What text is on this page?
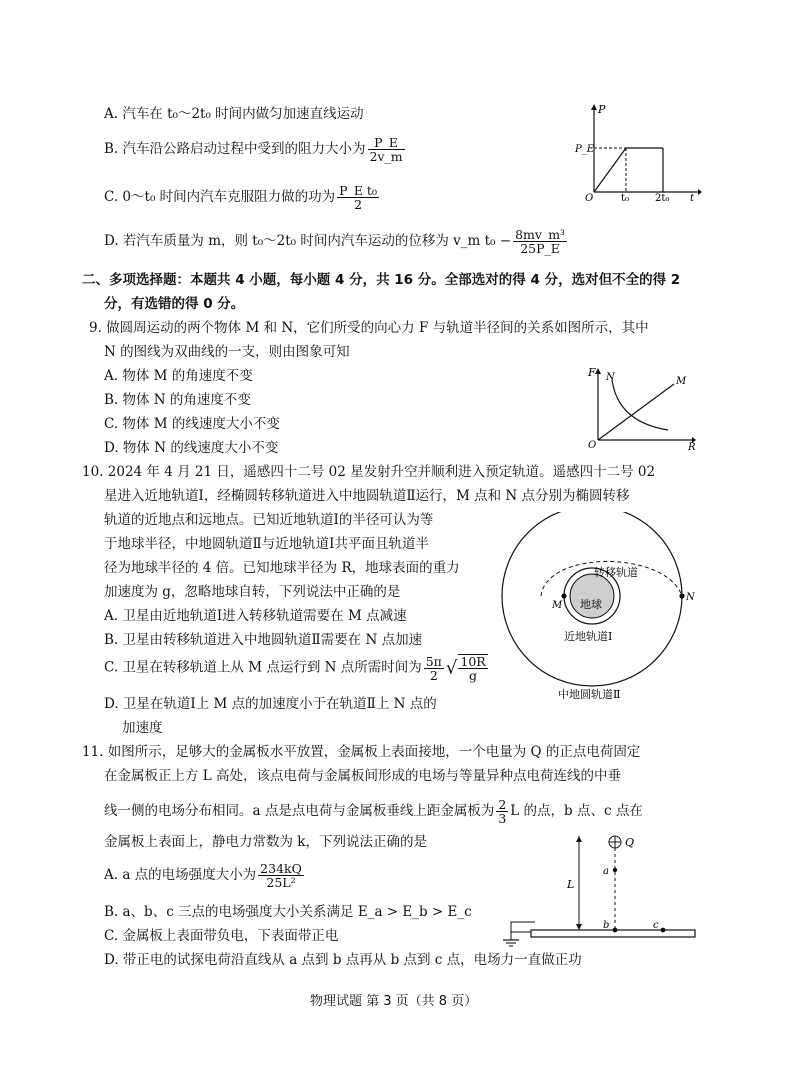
A. 汽车在 t₀～2t₀ 时间内做匀加速直线运动
B. 汽车沿公路启动过程中受到的阻力大小为 $\frac{P\_E}{2v\_m}$
C. 0～t₀ 时间内汽车克服阻力做的功为 $\frac{\text{P\_E t₀}}{2}$
D. 若汽车质量为 m，则 t₀～2t₀ 时间内汽车运动的位移为 v_m $t_0 - \frac{\text{8mv\_m³}}{25P\_E}$
P
P_E
O	t₀	2t₀ t
二、多项选择题：本题共 4 小题，每小题 4 分，共 16 分。全部选对的得 4 分，选对但不全的得 2
分，有选错的得 0 分。
9. 做圆周运动的两个物体 M 和 N，它们所受的向心力 F 与轨道半径间的关系如图所示，其中
N 的图线为双曲线的一支，则由图象可知
A. 物体 M 的角速度不变
B. 物体 N 的角速度不变
C. 物体 M 的线速度大小不变
D. 物体 N 的线速度大小不变
F N	M
O	R
10. 2024 年 4 月 21 日，遥感四十二号 02 星发射升空并顺利进入预定轨道。遥感四十二号 02
星进入近地轨道Ⅰ，经椭圆转移轨道进入中地圆轨道Ⅱ运行，M 点和 N 点分别为椭圆转移
轨道的近地点和远地点。已知近地轨道Ⅰ的半径可认为等
于地球半径，中地圆轨道Ⅱ与近地轨道Ⅰ共平面且轨道半
径为地球半径的 4 倍。已知地球半径为 R，地球表面的重力
加速度为 g，忽略地球自转，下列说法中正确的是
A. 卫星由近地轨道Ⅰ进入转移轨道需要在 M 点减速
B. 卫星由转移轨道进入中地圆轨道Ⅱ需要在 N 点加速
C. 卫星在转移轨道上从 M 点运行到 N 点所需时间为 $\frac{5\pi}{2}$ √ $\frac{10R}{g}$
D. 卫星在轨道Ⅰ上 M 点的加速度小于在轨道Ⅱ上 N 点的
加速度
转移轨道
地球
M
N
近地轨道Ⅰ
中地圆轨道Ⅱ
11. 如图所示，足够大的金属板水平放置，金属板上表面接地，一个电量为 Q 的正点电荷固定
在金属板正上方 L 高处，该点电荷与金属板间形成的电场与等量异种点电荷连线的中垂
线一侧的电场分布相同。a 点是点电荷与金属板垂线上距金属板为 $\frac{2}{3}$ L 的点，b 点、c 点在
金属板上表面上，静电力常数为 k，下列说法正确的是
A. a 点的电场强度大小为 $\frac{234kQ}{\text{25L²}}$
B. a、b、c 三点的电场强度大小关系满足 E_a > E_b > E_c
C. 金属板上表面带负电，下表面带正电
D. 带正电的试探电荷沿直线从 a 点到 b 点再从 b 点到 c 点，电场力一直做正功
Q
a
L
b	c
物理试题 第 3 页（共 8 页）
